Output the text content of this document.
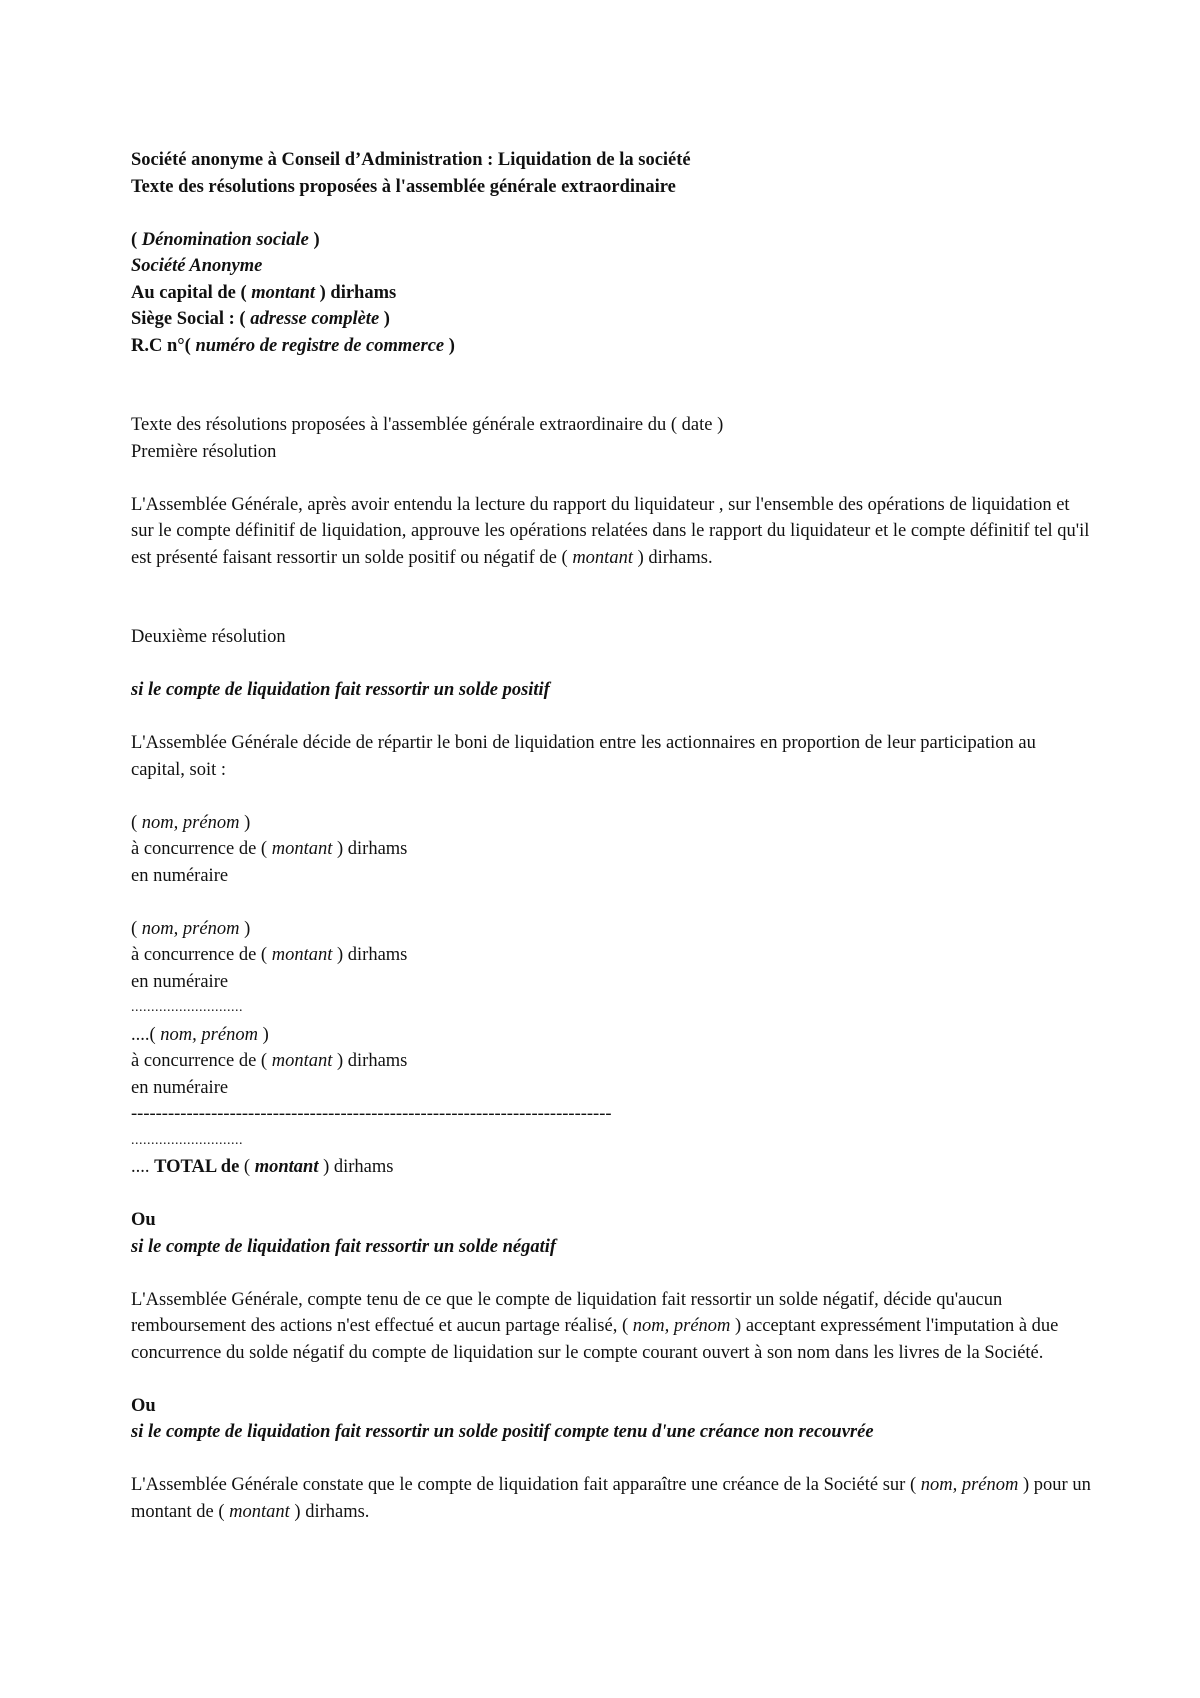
Société anonyme à Conseil d’Administration : Liquidation de la société
Texte des résolutions proposées à l'assemblée générale extraordinaire
( Dénomination sociale )
Société Anonyme
Au capital de ( montant ) dirhams
Siège Social : ( adresse complète )
R.C n°( numéro de registre de commerce )
Texte des résolutions proposées à l'assemblée générale extraordinaire du ( date )
Première résolution

L'Assemblée Générale, après avoir entendu la lecture du rapport du liquidateur , sur l'ensemble des opérations de liquidation et sur le compte définitif de liquidation, approuve les opérations relatées dans le rapport du liquidateur et le compte définitif tel qu'il est présenté faisant ressortir un solde positif ou négatif de ( montant ) dirhams.

Deuxième résolution
si le compte de liquidation fait ressortir un solde positif

L'Assemblée Générale décide de répartir le boni de liquidation entre les actionnaires en proportion de leur participation au capital, soit :

( nom, prénom )
à concurrence de ( montant ) dirhams
en numéraire
( nom, prénom )
à concurrence de ( montant ) dirhams
en numéraire
............................
....( nom, prénom )
à concurrence de ( montant ) dirhams
en numéraire
------------------------------------------------------------------------------
............................
.... TOTAL de ( montant ) dirhams
Ou
si le compte de liquidation fait ressortir un solde négatif

L'Assemblée Générale, compte tenu de ce que le compte de liquidation fait ressortir un solde négatif, décide qu'aucun remboursement des actions n'est effectué et aucun partage réalisé, ( nom, prénom ) acceptant expressément l'imputation à due concurrence du solde négatif du compte de liquidation sur le compte courant ouvert à son nom dans les livres de la Société.

Ou
si le compte de liquidation fait ressortir un solde positif compte tenu d'une créance non recouvrée

L'Assemblée Générale constate que le compte de liquidation fait apparaître une créance de la Société sur ( nom, prénom ) pour un montant de ( montant ) dirhams.
